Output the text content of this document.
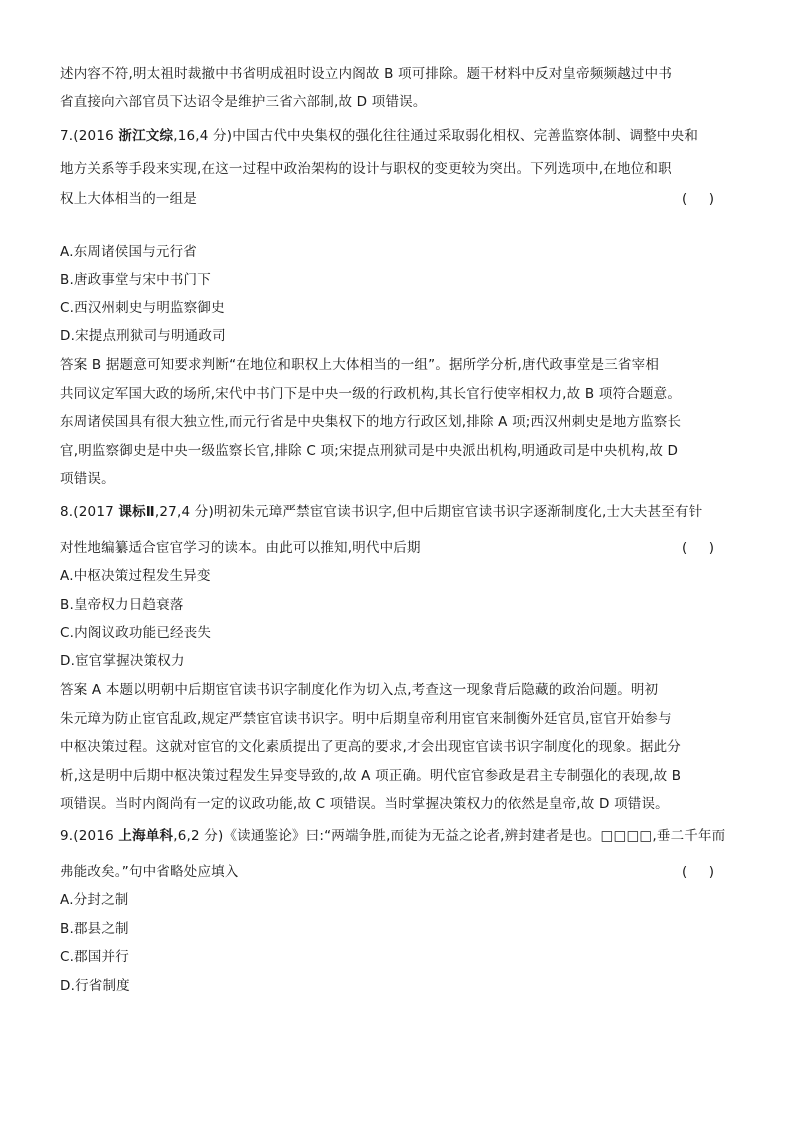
述内容不符,明太祖时裁撤中书省明成祖时设立内阁故 B 项可排除。题干材料中反对皇帝频频越过中书

省直接向六部官员下达诏令是维护三省六部制,故 D 项错误。

7.(2016 浙江文综,16,4 分)中国古代中央集权的强化往往通过采取弱化相权、完善监察体制、调整中央和

地方关系等手段来实现,在这一过程中政治架构的设计与职权的变更较为突出。下列选项中,在地位和职

权上大体相当的一组是	(     )

A.东周诸侯国与元行省

B.唐政事堂与宋中书门下

C.西汉州刺史与明监察御史

D.宋提点刑狱司与明通政司

答案 B 据题意可知要求判断“在地位和职权上大体相当的一组”。据所学分析,唐代政事堂是三省宰相

共同议定军国大政的场所,宋代中书门下是中央一级的行政机构,其长官行使宰相权力,故 B 项符合题意。

东周诸侯国具有很大独立性,而元行省是中央集权下的地方行政区划,排除 A 项;西汉州刺史是地方监察长

官,明监察御史是中央一级监察长官,排除 C 项;宋提点刑狱司是中央派出机构,明通政司是中央机构,故 D

项错误。

8.(2017 课标Ⅱ,27,4 分)明初朱元璋严禁宦官读书识字,但中后期宦官读书识字逐渐制度化,士大夫甚至有针

对性地编纂适合宦官学习的读本。由此可以推知,明代中后期	(     )

A.中枢决策过程发生异变

B.皇帝权力日趋衰落

C.内阁议政功能已经丧失

D.宦官掌握决策权力

答案 A 本题以明朝中后期宦官读书识字制度化作为切入点,考查这一现象背后隐藏的政治问题。明初

朱元璋为防止宦官乱政,规定严禁宦官读书识字。明中后期皇帝利用宦官来制衡外廷官员,宦官开始参与

中枢决策过程。这就对宦官的文化素质提出了更高的要求,才会出现宦官读书识字制度化的现象。据此分

析,这是明中后期中枢决策过程发生异变导致的,故 A 项正确。明代宦官参政是君主专制强化的表现,故 B

项错误。当时内阁尚有一定的议政功能,故 C 项错误。当时掌握决策权力的依然是皇帝,故 D 项错误。

9.(2016 上海单科,6,2 分)《读通鉴论》曰:“两端争胜,而徒为无益之论者,辨封建者是也。□□□□,垂二千年而

弗能改矣。”句中省略处应填入	(     )

A.分封之制

B.郡县之制

C.郡国并行

D.行省制度
